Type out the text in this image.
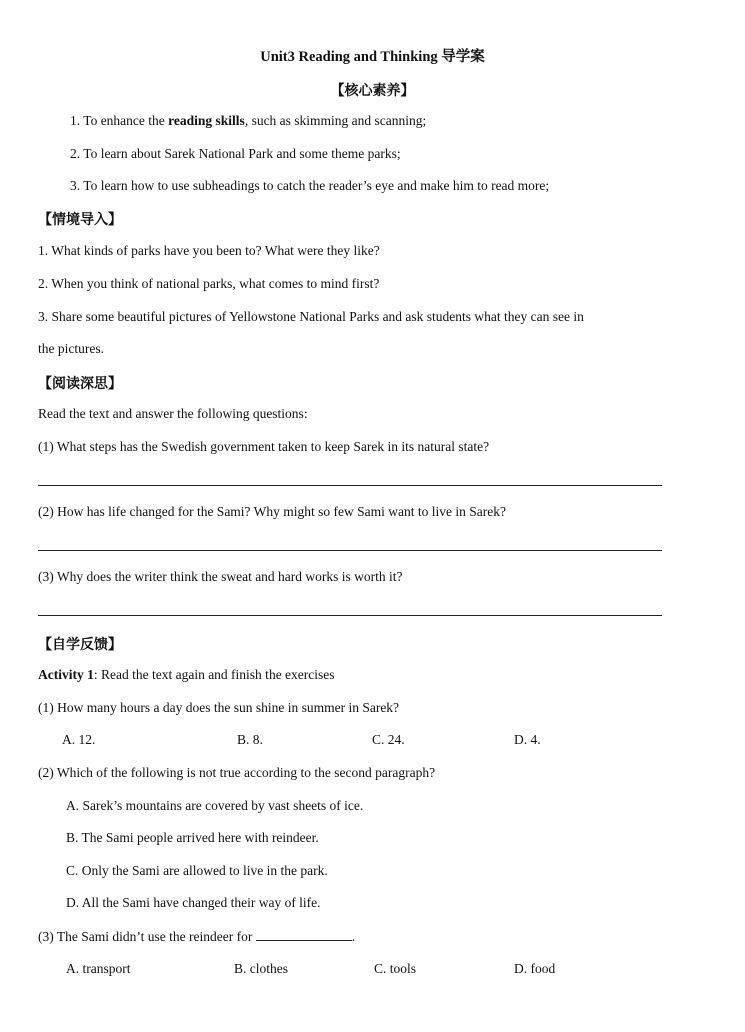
Unit3 Reading and Thinking 导学案
【核心素养】
1. To enhance the reading skills, such as skimming and scanning;
2. To learn about Sarek National Park and some theme parks;
3. To learn how to use subheadings to catch the reader’s eye and make him to read more;
【情境导入】
1. What kinds of parks have you been to? What were they like?
2. When you think of national parks, what comes to mind first?
3. Share some beautiful pictures of Yellowstone National Parks and ask students what they can see in
the pictures.
【阅读深思】
Read the text and answer the following questions:
(1) What steps has the Swedish government taken to keep Sarek in its natural state?
(2) How has life changed for the Sami? Why might so few Sami want to live in Sarek?
(3) Why does the writer think the sweat and hard works is worth it?
【自学反馈】
Activity 1: Read the text again and finish the exercises
(1) How many hours a day does the sun shine in summer in Sarek?
A. 12.	B. 8.	C. 24.	D. 4.
(2) Which of the following is not true according to the second paragraph?
A. Sarek’s mountains are covered by vast sheets of ice.
B. The Sami people arrived here with reindeer.
C. Only the Sami are allowed to live in the park.
D. All the Sami have changed their way of life.
(3) The Sami didn’t use the reindeer for	.
A. transport	B. clothes	C. tools	D. food
